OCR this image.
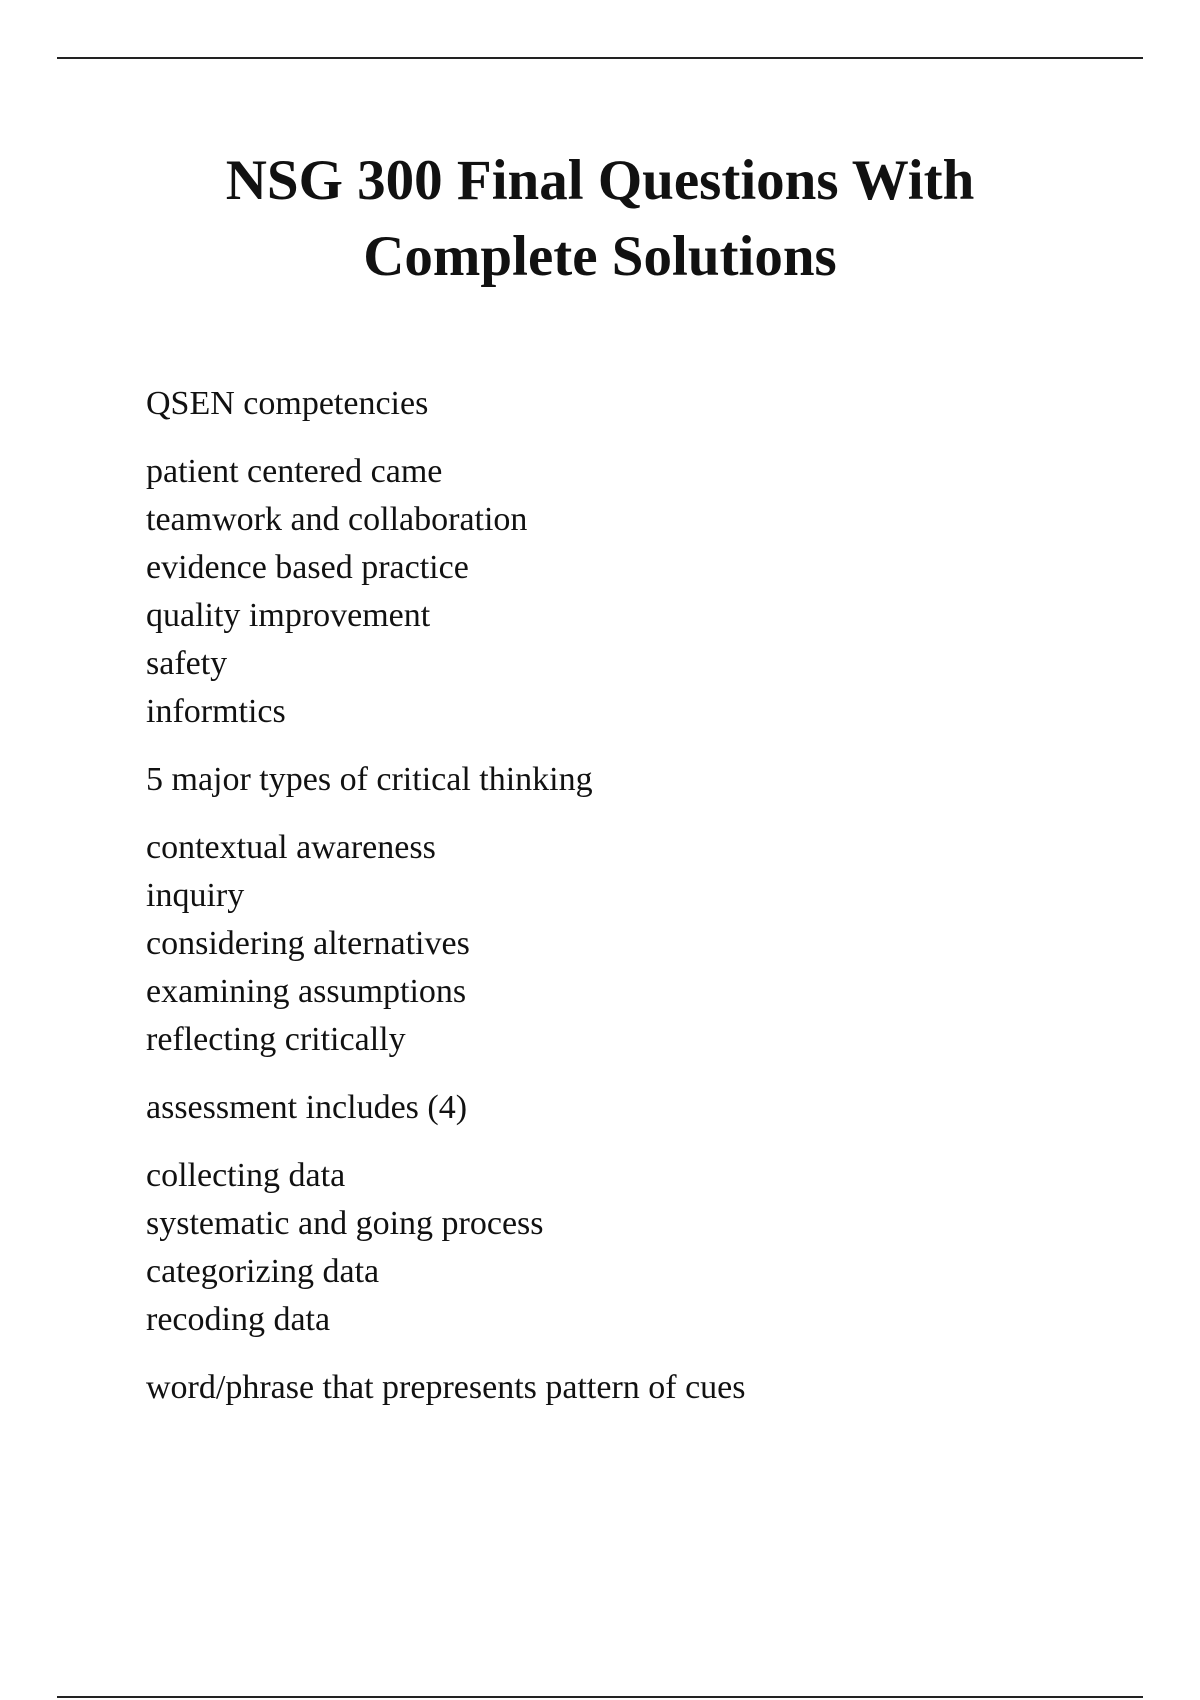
NSG 300 Final Questions With
Complete Solutions

QSEN competencies

patient centered came
teamwork and collaboration
evidence based practice
quality improvement
safety
informtics

5 major types of critical thinking

contextual awareness
inquiry
considering alternatives
examining assumptions
reflecting critically

assessment includes (4)

collecting data
systematic and going process
categorizing data
recoding data

word/phrase that prepresents pattern of cues
